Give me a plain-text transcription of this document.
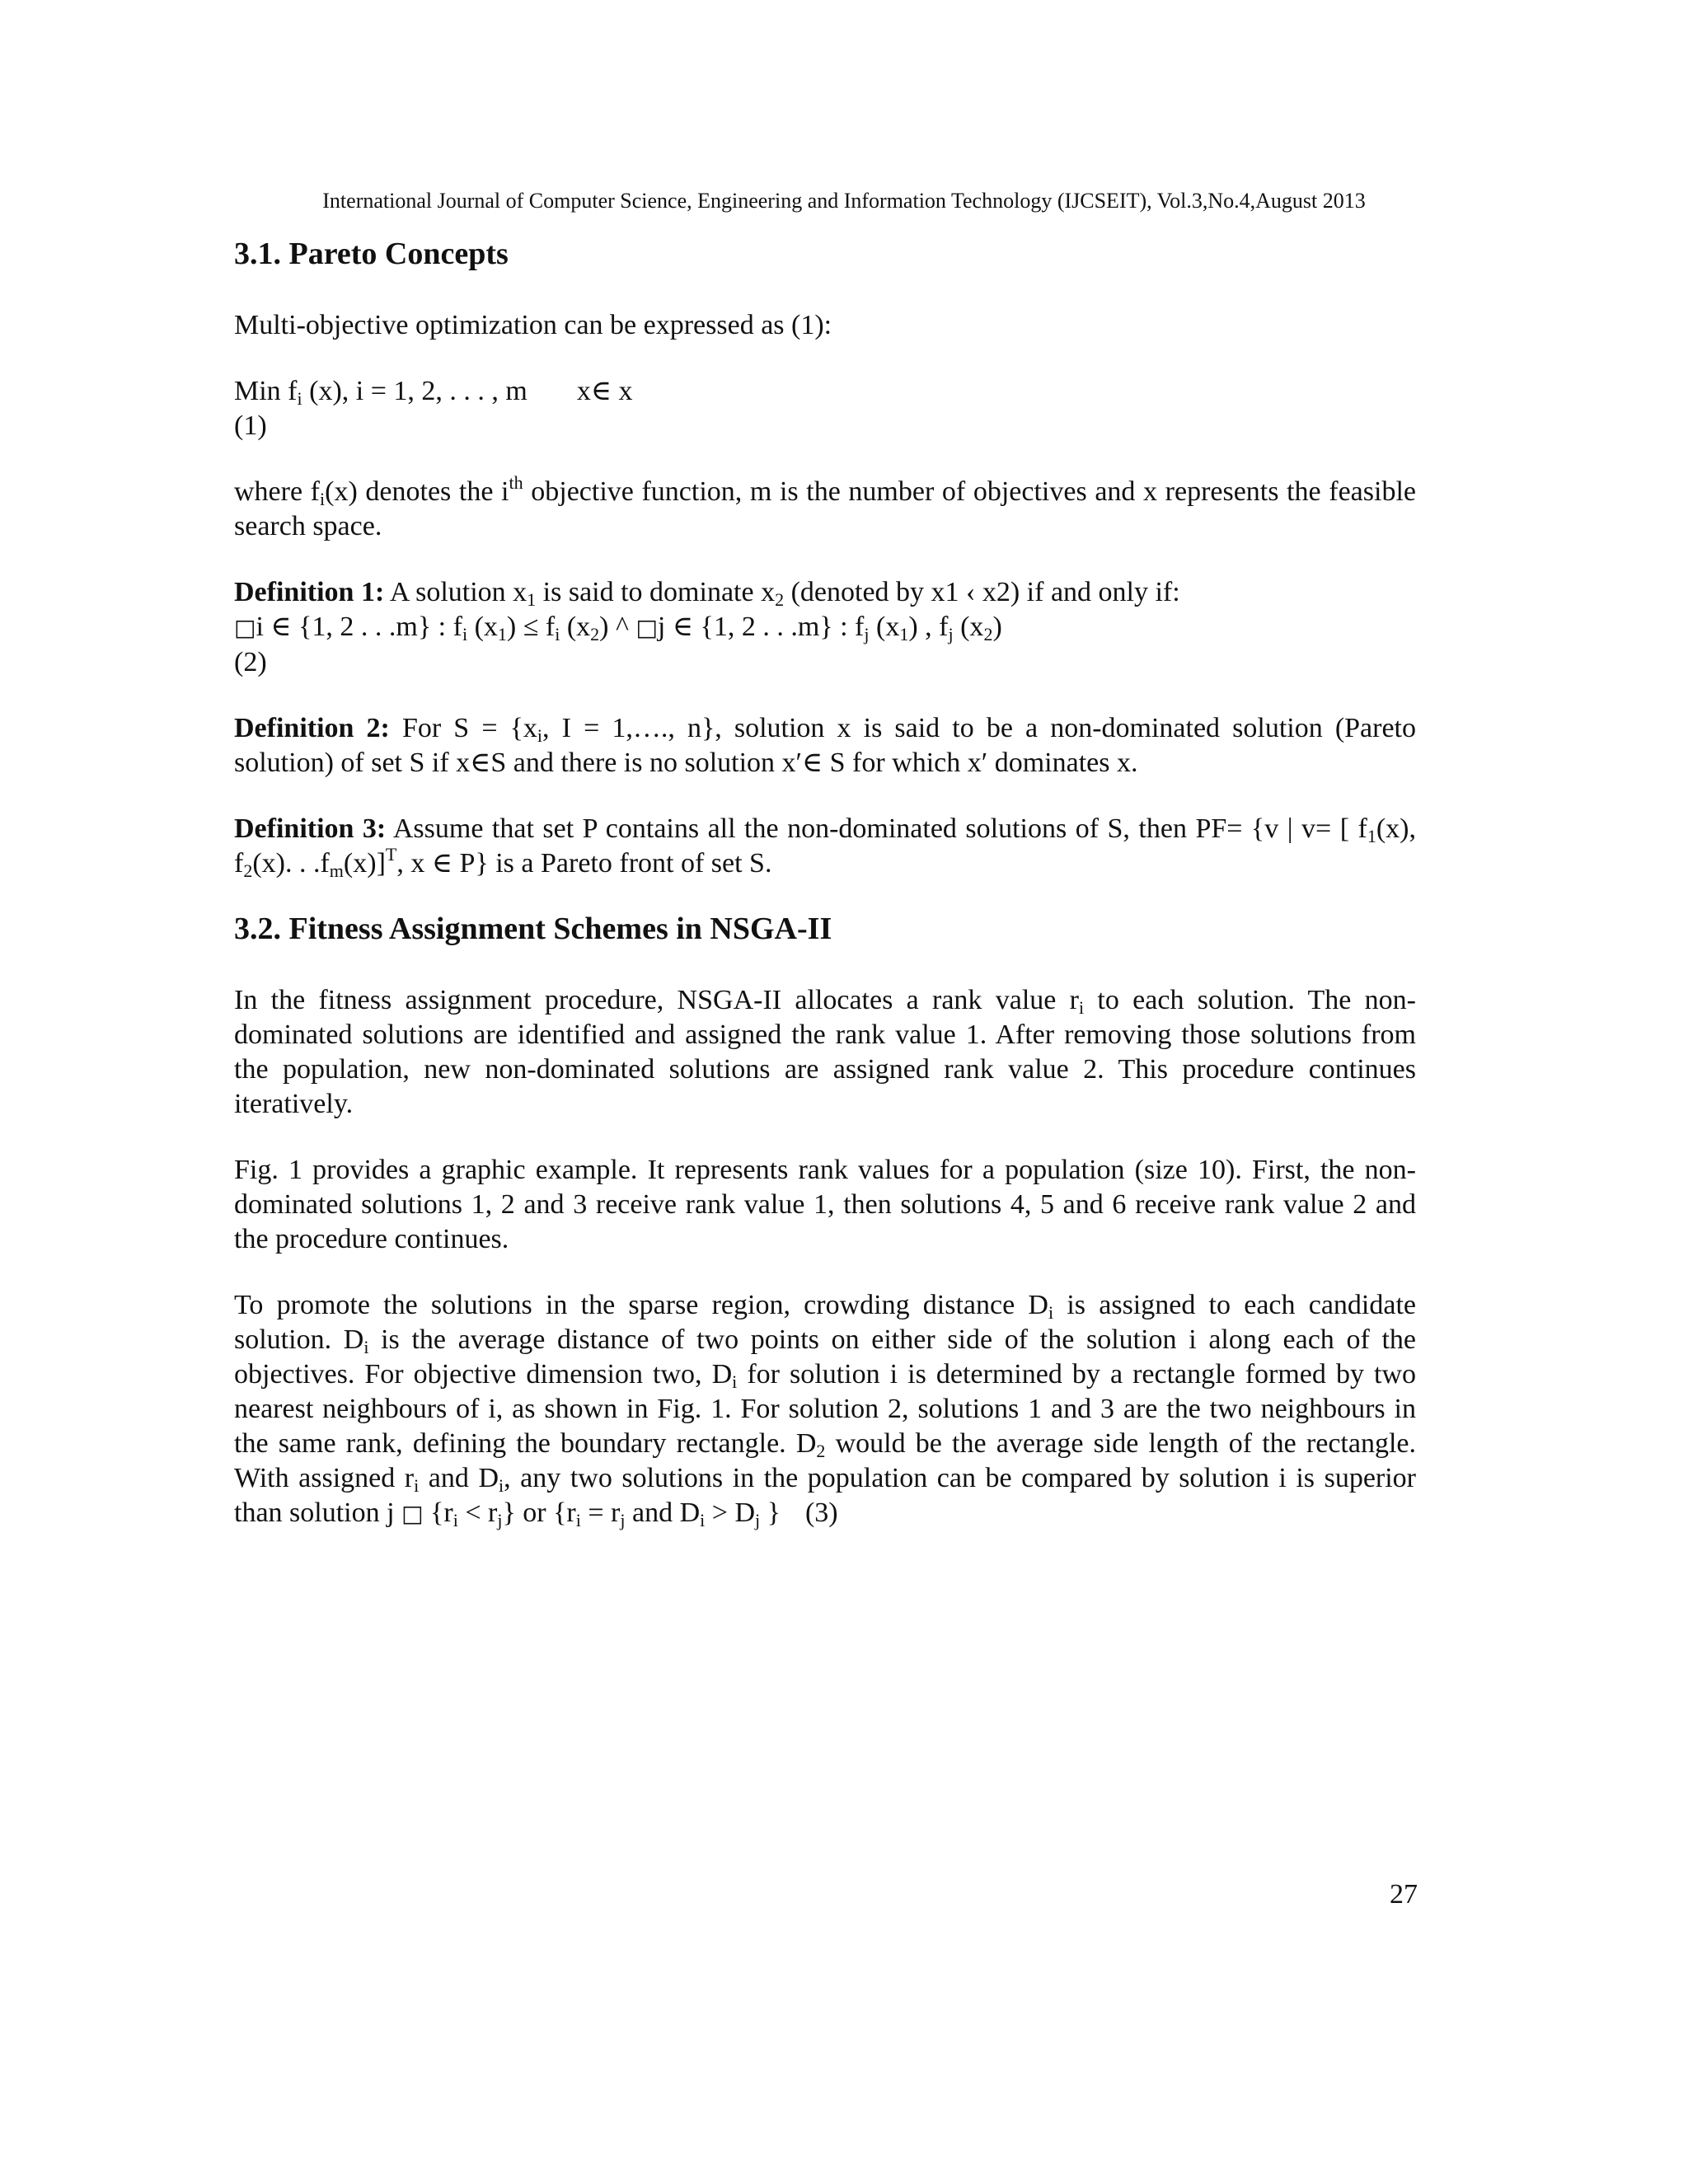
International Journal of Computer Science, Engineering and Information Technology (IJCSEIT), Vol.3,No.4,August 2013
3.1. Pareto Concepts

Multi-objective optimization can be expressed as (1):

Min $f_i$ (x), i = 1, 2, . . . , m x∈ x
(1)

where $f_i(x)$ denotes the $i^{th}$ objective function, m is the number of objectives and x represents the feasible search space.

Definition 1: A solution $x_1$ is said to dominate $x_2$ (denoted by x1 ‹ x2) if and only if:

□i ∈ {1, 2 . . .m} : $f_i$ $(x_1) \le f_i$ $(x_2)$ ^ □j ∈ {1, 2 . . .m} : $f_j$ $(x_1)$ , $f_j$ $(x_2)$
(2)

Definition 2: For $S = \{x_i$, I = 1,…., n}, solution x is said to be a non-dominated solution (Pareto solution) of set S if x∈S and there is no solution x′∈ S for which x′ dominates x.

Definition 3: Assume that set P contains all the non-dominated solutions of S, then PF= {v | v= [ $f_1(x)$, $f_2(x)$. . $.f_m(x)]^T$, x ∈ P} is a Pareto front of set S.

3.2. Fitness Assignment Schemes in NSGA-II

In the fitness assignment procedure, NSGA-II allocates a rank value $r_i$ to each solution. The non-dominated solutions are identified and assigned the rank value 1. After removing those solutions from the population, new non-dominated solutions are assigned rank value 2. This procedure continues iteratively.

Fig. 1 provides a graphic example. It represents rank values for a population (size 10). First, the non-dominated solutions 1, 2 and 3 receive rank value 1, then solutions 4, 5 and 6 receive rank value 2 and the procedure continues.

To promote the solutions in the sparse region, crowding distance $D_i$ is assigned to each candidate solution. $D_i$ is the average distance of two points on either side of the solution i along each of the objectives. For objective dimension two, $D_i$ for solution i is determined by a rectangle formed by two nearest neighbours of i, as shown in Fig. 1. For solution 2, solutions 1 and 3 are the two neighbours in the same rank, defining the boundary rectangle. $D_2$ would be the average side length of the rectangle. With assigned $r_i$ and $D_i$, any two solutions in the population can be compared by solution i is superior than solution j □ $\{r_i < r_j\}$ or {$r_i = r_j$ and $D_i > D_j$ } (3)

27
